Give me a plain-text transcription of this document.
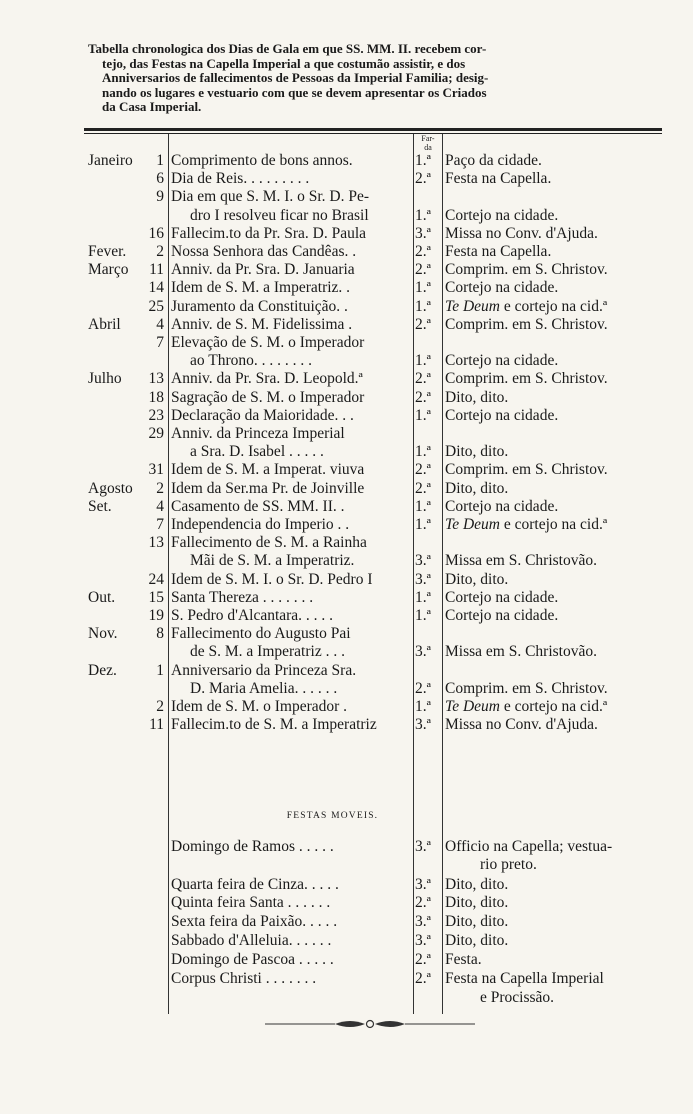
Tabella chronologica dos Dias de Gala em que SS. MM. II. recebem cor-
tejo, das Festas na Capella Imperial a que costumão assistir, e dos
Anniversarios de fallecimentos de Pessoas da Imperial Familia; desig-
nando os lugares e vestuario com que se devem apresentar os Criados
da Casa Imperial.
Far-
da
Janeiro	1 Comprimento de bons annos.	1.ª Paço da cidade.
6 Dia de Reis. . . . . . . . .	2.ª Festa na Capella.
9 Dia em que S. M. I. o Sr. D. Pe-
dro I resolveu ficar no Brasil	1.ª Cortejo na cidade.
16 Fallecim.to da Pr. Sra. D. Paula	3.ª Missa no Conv. d'Ajuda.
Fever.	2 Nossa Senhora das Candêas. .	2.ª Festa na Capella.
Março	11 Anniv. da Pr. Sra. D. Januaria	2.ª Comprim. em S. Christov.
14 Idem de S. M. a Imperatriz. .	1.ª Cortejo na cidade.
25 Juramento da Constituição. .	1.ª Te Deum e cortejo na cid.ª
Abril	4 Anniv. de S. M. Fidelissima .	2.ª Comprim. em S. Christov.
7 Elevação de S. M. o Imperador
ao Throno. . . . . . . .	1.ª Cortejo na cidade.
Julho	13 Anniv. da Pr. Sra. D. Leopold.ª	2.ª Comprim. em S. Christov.
18 Sagração de S. M. o Imperador	2.ª Dito, dito.
23 Declaração da Maioridade. . .	1.ª Cortejo na cidade.
29 Anniv. da Princeza Imperial
a Sra. D. Isabel . . . . .	1.ª Dito, dito.
31 Idem de S. M. a Imperat. viuva	2.ª Comprim. em S. Christov.
Agosto	2 Idem da Ser.ma Pr. de Joinville	2.ª Dito, dito.
Set.	4 Casamento de SS. MM. II. .	1.ª Cortejo na cidade.
7 Independencia do Imperio . .	1.ª Te Deum e cortejo na cid.ª
13 Fallecimento de S. M. a Rainha
Mãi de S. M. a Imperatriz.	3.ª Missa em S. Christovão.
24 Idem de S. M. I. o Sr. D. Pedro I	3.ª Dito, dito.
Out.	15 Santa Thereza . . . . . . .	1.ª Cortejo na cidade.
19 S. Pedro d'Alcantara. . . . .	1.ª Cortejo na cidade.
Nov.	8 Fallecimento do Augusto Pai
de S. M. a Imperatriz . . .	3.ª Missa em S. Christovão.
Dez.	1 Anniversario da Princeza Sra.
D. Maria Amelia. . . . . .	2.ª Comprim. em S. Christov.
2 Idem de S. M. o Imperador .	1.ª Te Deum e cortejo na cid.ª
11 Fallecim.to de S. M. a Imperatriz	3.ª Missa no Conv. d'Ajuda.
FESTAS MOVEIS.
Domingo de Ramos . . . . .	3.ª Officio na Capella; vestua-
rio preto.
Quarta feira de Cinza. . . . .	3.ª Dito, dito.
Quinta feira Santa . . . . . .	2.ª Dito, dito.
Sexta feira da Paixão. . . . .	3.ª Dito, dito.
Sabbado d'Alleluia. . . . . .	3.ª Dito, dito.
Domingo de Pascoa . . . . .	2.ª Festa.
Corpus Christi . . . . . . .	2.ª Festa na Capella Imperial
e Procissão.
